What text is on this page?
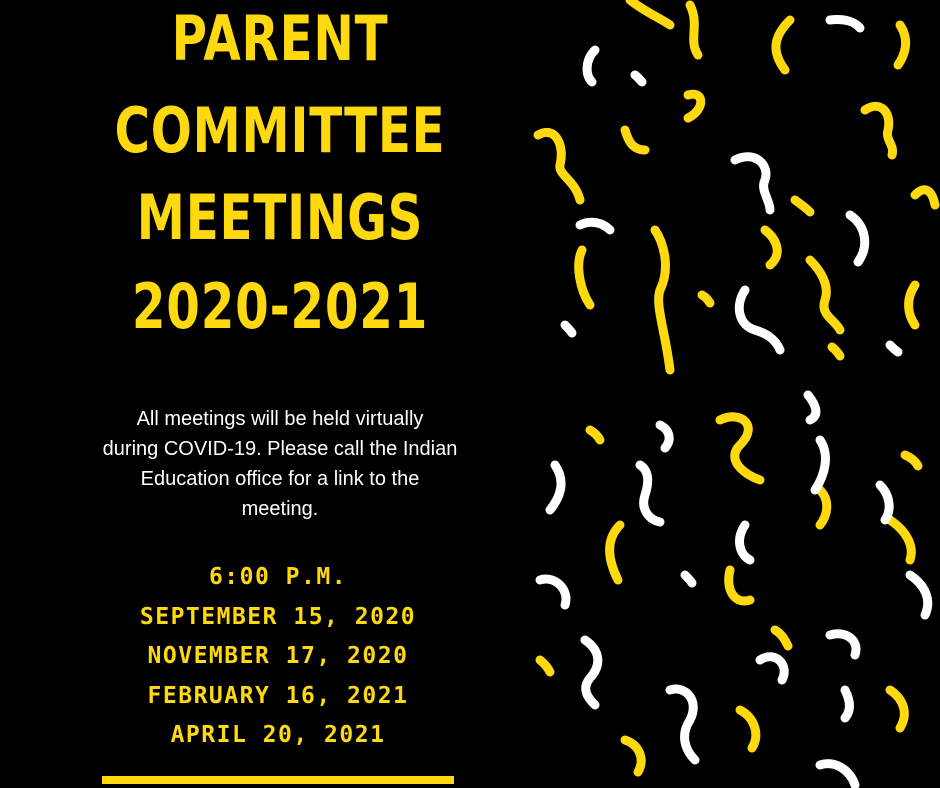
PARENT
COMMITTEE
MEETINGS
2020-2021
All meetings will be held virtually
during COVID-19. Please call the Indian
Education office for a link to the
meeting.
6:00 P.M.
SEPTEMBER 15, 2020
NOVEMBER 17, 2020
FEBRUARY 16, 2021
APRIL 20, 2021
